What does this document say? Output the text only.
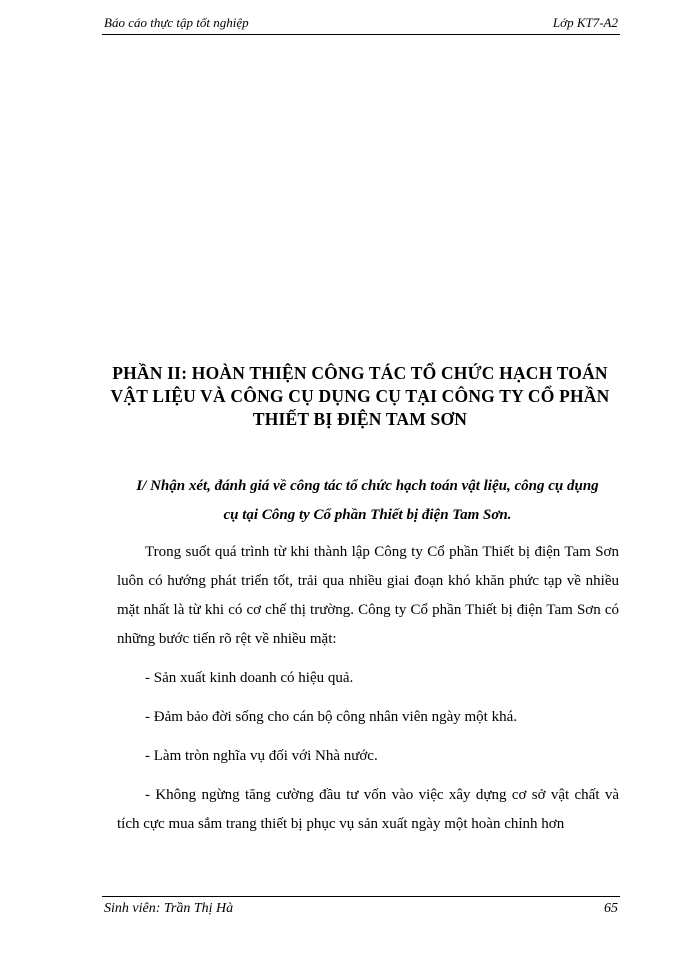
Báo cáo thực tập tốt nghiệp	Lớp KT7-A2
PHẦN II: HOÀN THIỆN CÔNG TÁC TỔ CHỨC HẠCH TOÁN
VẬT LIỆU VÀ CÔNG CỤ DỤNG CỤ TẠI CÔNG TY CỔ PHẦN
THIẾT BỊ ĐIỆN TAM SƠN
I/ Nhận xét, đánh giá về công tác tổ chức hạch toán vật liệu, công cụ dụng
cụ tại Công ty Cổ phần Thiết bị điện Tam Sơn.

Trong suốt quá trình từ khi thành lập Công ty Cổ phần Thiết bị điện Tam Sơn luôn có hướng phát triển tốt, trải qua nhiều giai đoạn khó khăn phức tạp về nhiều mặt nhất là từ khi có cơ chế thị trường. Công ty Cổ phần Thiết bị điện Tam Sơn có những bước tiến rõ rệt về nhiều mặt:

- Sản xuất kinh doanh có hiệu quả.

- Đảm bảo đời sống cho cán bộ công nhân viên ngày một khá.

- Làm tròn nghĩa vụ đối với Nhà nước.

- Không ngừng tăng cường đầu tư vốn vào việc xây dựng cơ sở vật chất và tích cực mua sắm trang thiết bị phục vụ sản xuất ngày một hoàn chỉnh hơn

Sinh viên: Trần Thị Hà	65
